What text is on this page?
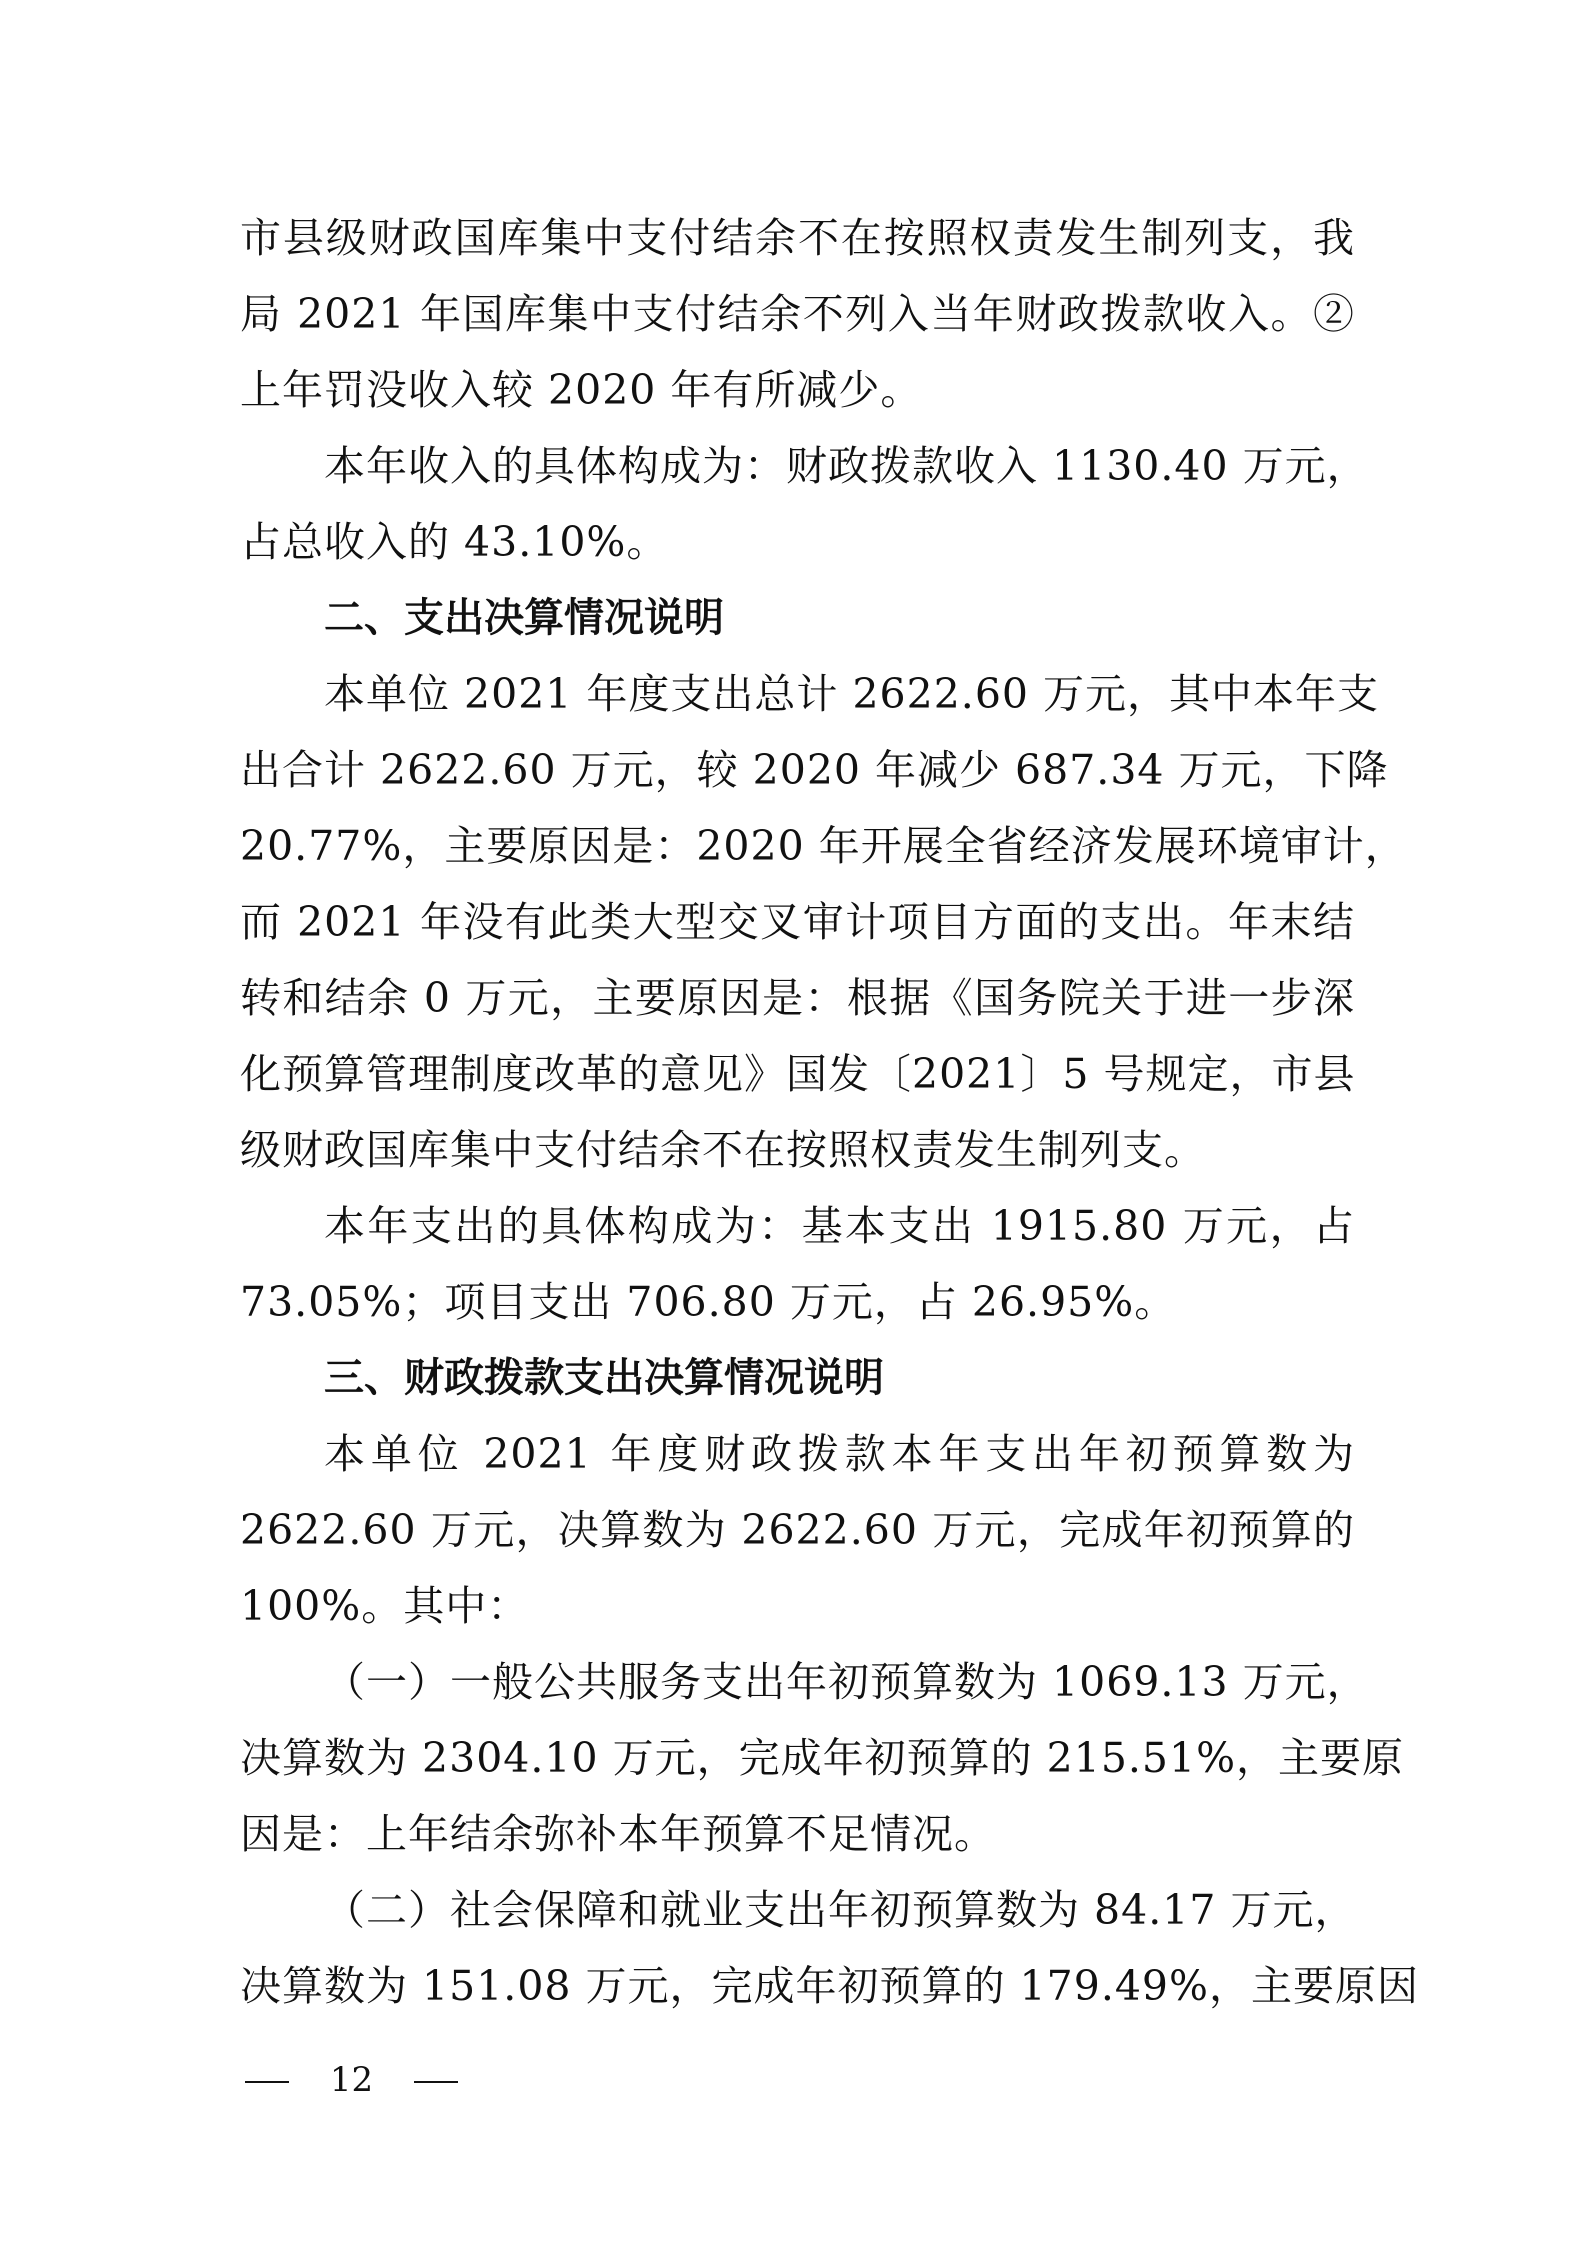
市县级财政国库集中支付结余不在按照权责发生制列支，我
局 2021 年国库集中支付结余不列入当年财政拨款收入。②
上年罚没收入较 2020 年有所减少。
本年收入的具体构成为：财政拨款收入 1130.40 万元，
占总收入的 43.10%。
二、支出决算情况说明
本单位 2021 年度支出总计 2622.60 万元，其中本年支
出合计 2622.60 万元，较 2020 年减少 687.34 万元，下降
20.77%，主要原因是：2020 年开展全省经济发展环境审计，
而 2021 年没有此类大型交叉审计项目方面的支出。年末结
转和结余 0 万元，主要原因是：根据《国务院关于进一步深
化预算管理制度改革的意见》国发〔2021〕5 号规定，市县
级财政国库集中支付结余不在按照权责发生制列支。
本年支出的具体构成为：基本支出 1915.80 万元，占
73.05%；项目支出 706.80 万元，占 26.95%。
三、财政拨款支出决算情况说明
本单位 2021 年度财政拨款本年支出年初预算数为
2622.60 万元，决算数为 2622.60 万元，完成年初预算的
100%。其中：
（一）一般公共服务支出年初预算数为 1069.13 万元，
决算数为 2304.10 万元，完成年初预算的 215.51%，主要原
因是：上年结余弥补本年预算不足情况。
（二）社会保障和就业支出年初预算数为 84.17 万元，
决算数为 151.08 万元，完成年初预算的 179.49%，主要原因
12
